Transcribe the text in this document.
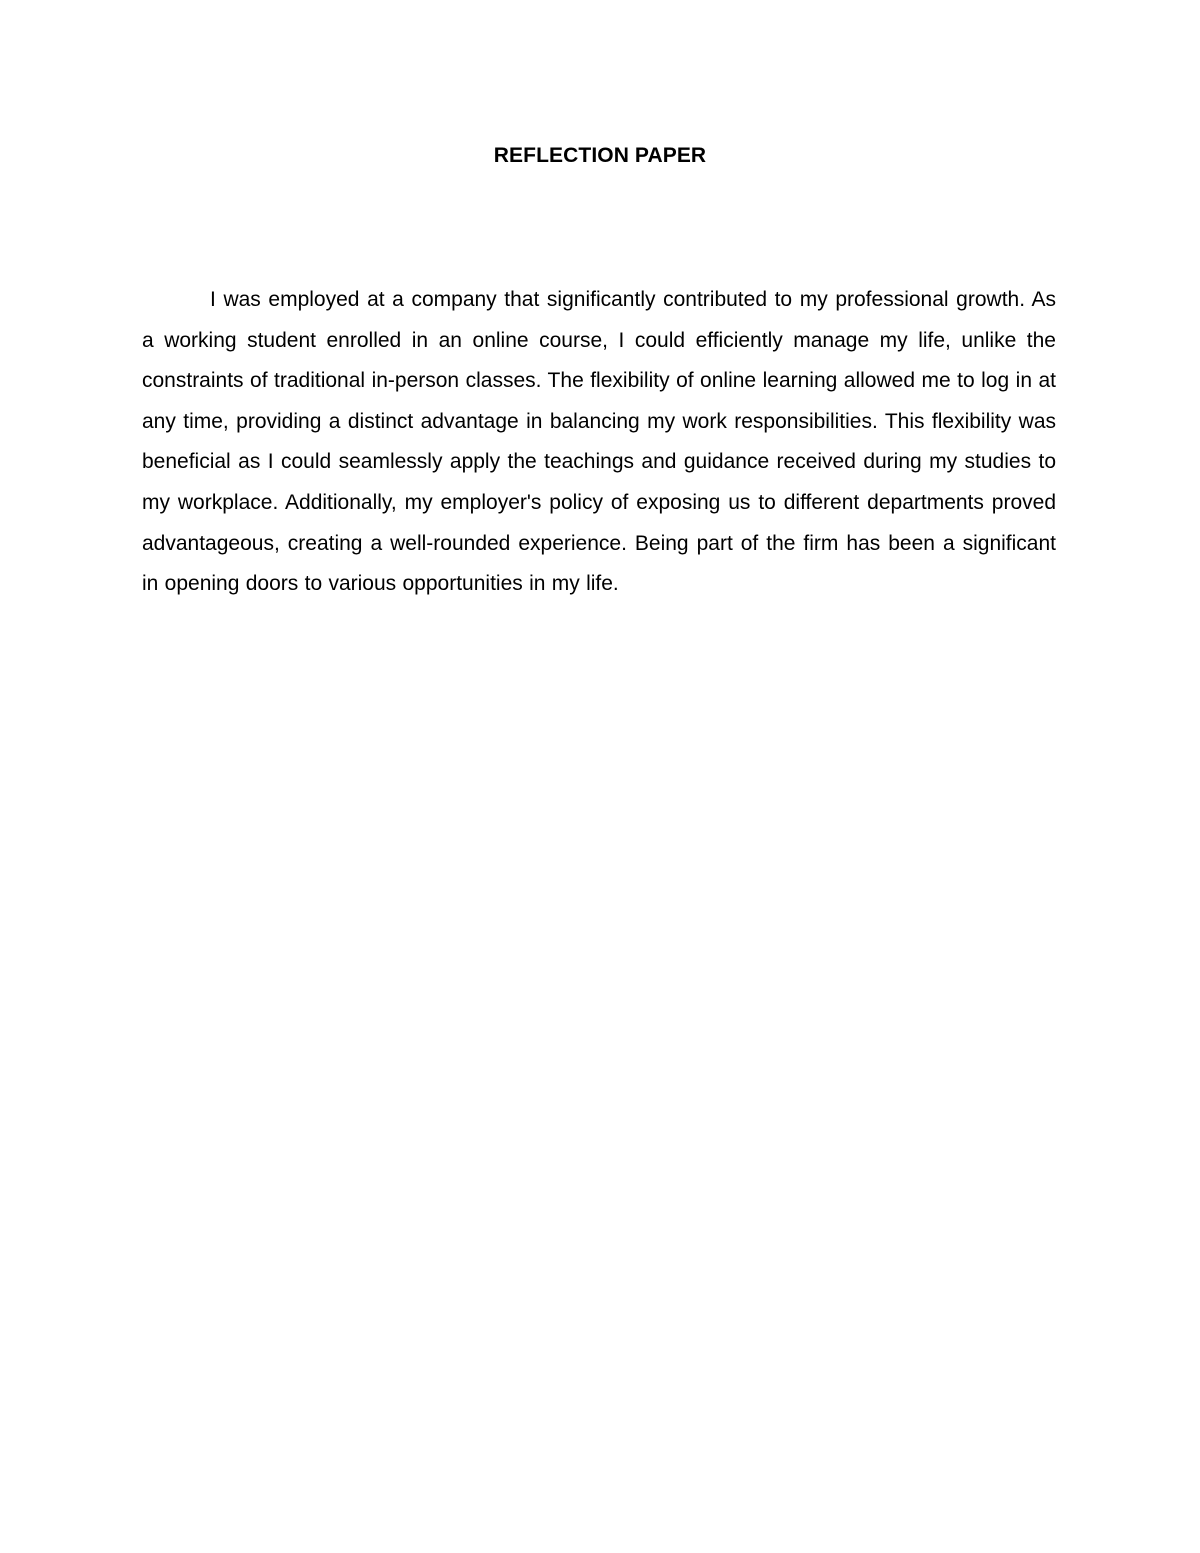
REFLECTION PAPER

I was employed at a company that significantly contributed to my professional growth. As a working student enrolled in an online course, I could efficiently manage my life, unlike the constraints of traditional in-person classes. The flexibility of online learning allowed me to log in at any time, providing a distinct advantage in balancing my work responsibilities. This flexibility was beneficial as I could seamlessly apply the teachings and guidance received during my studies to my workplace. Additionally, my employer's policy of exposing us to different departments proved advantageous, creating a well-rounded experience. Being part of the firm has been a significant in opening doors to various opportunities in my life.
